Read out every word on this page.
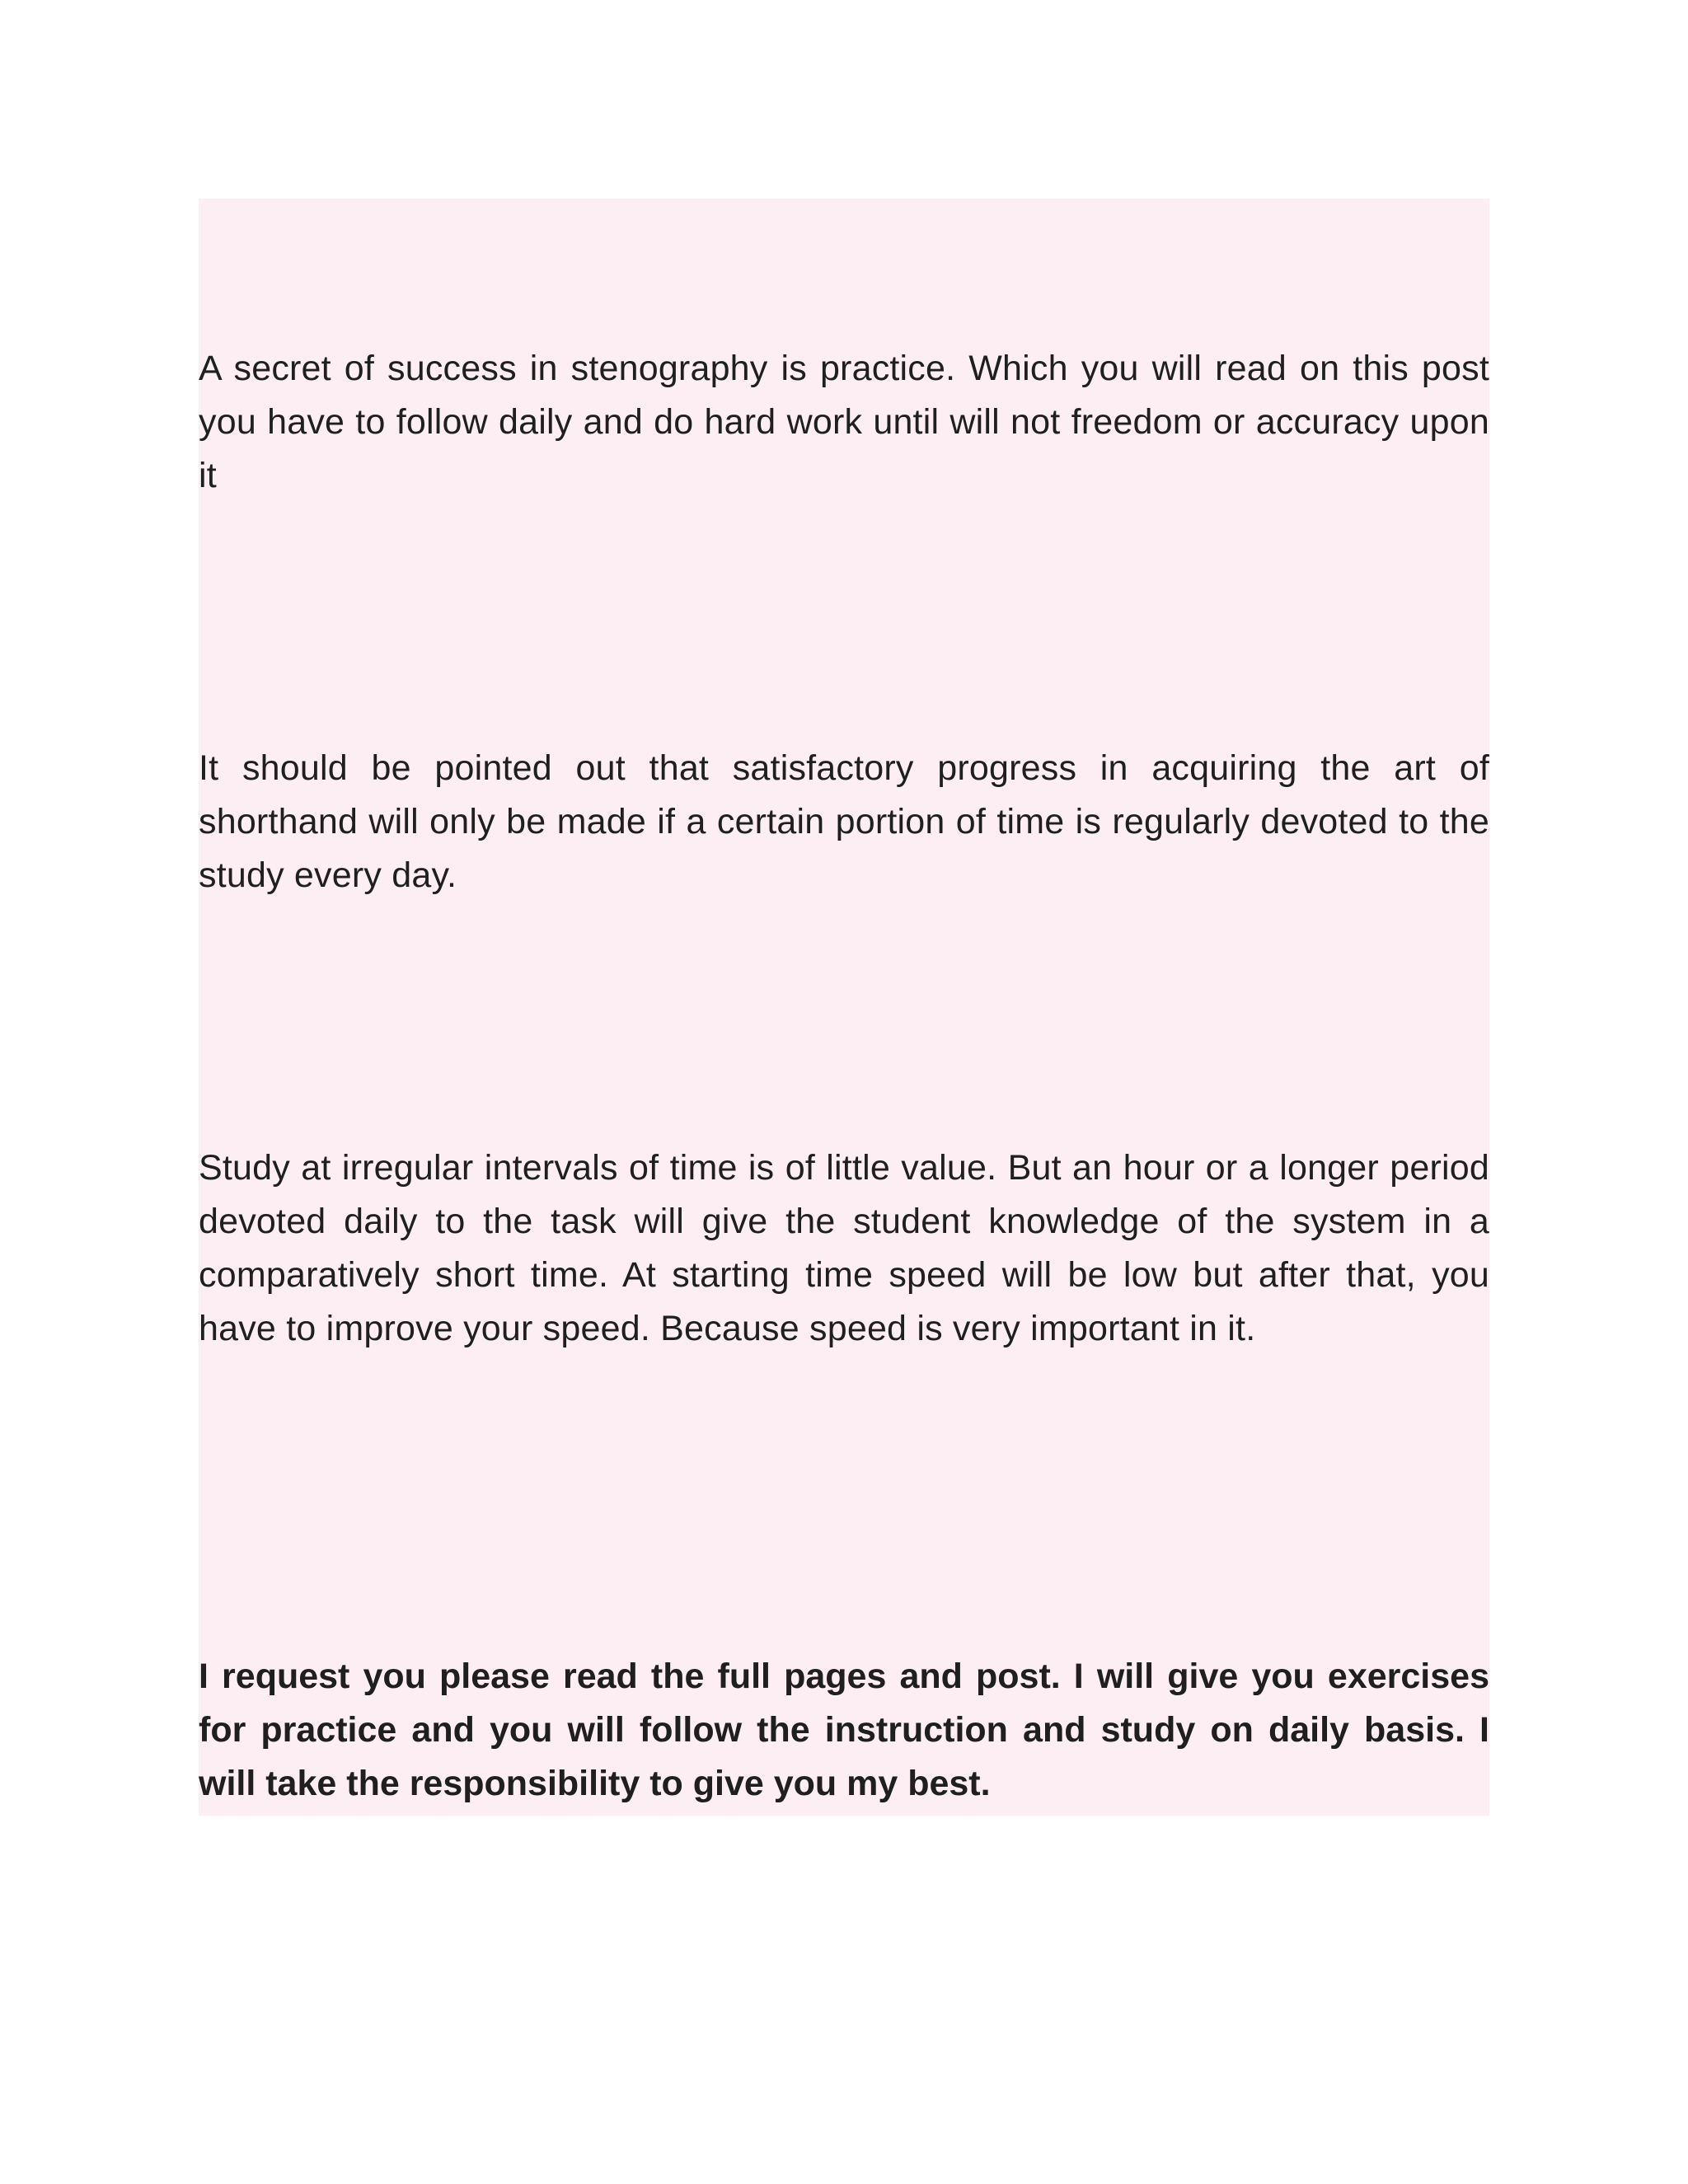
A secret of success in stenography is practice. Which you will read on this post you have to follow daily and do hard work until will not freedom or accuracy upon it

It should be pointed out that satisfactory progress in acquiring the art of shorthand will only be made if a certain portion of time is regularly devoted to the study every day.

Study at irregular intervals of time is of little value. But an hour or a longer period devoted daily to the task will give the student knowledge of the system in a comparatively short time. At starting time speed will be low but after that, you have to improve your speed. Because speed is very important in it.

I request you please read the full pages and post. I will give you exercises for practice and you will follow the instruction and study on daily basis. I will take the responsibility to give you my best.
